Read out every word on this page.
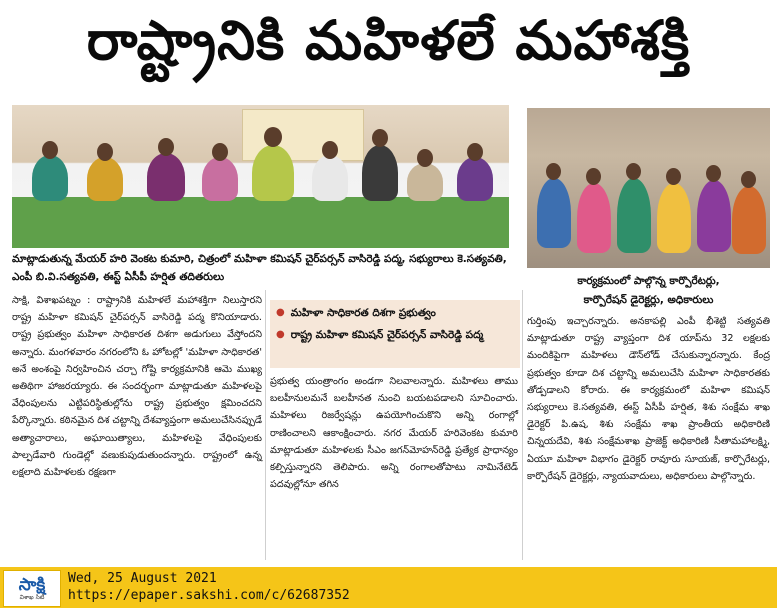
రాష్ట్రానికి మహిళలే మహాశక్తి
మాట్లాడుతున్న మేయర్ హరి వెంకట కుమారి, చిత్రంలో మహిళా కమిషన్ చైర్‌పర్సన్ వాసిరెడ్డి పద్మ, సభ్యురాలు కె.సత్యవతి, ఎంపీ బి.వి.సత్యవతి, ఈస్ట్ ఏసీపీ హర్షిత తదితరులు	కార్యక్రమంలో పాల్గొన్న కార్పొరేటర్లు,
కార్పొరేషన్ డైరెక్టర్లు, అధికారులు
● మహిళా సాధికారత దిశగా ప్రభుత్వం
● రాష్ట్ర మహిళా కమిషన్ చైర్‌పర్సన్ వాసిరెడ్డి పద్మ

సాక్షి, విశాఖపట్నం : రాష్ట్రానికి మహిళలే మహాశక్తిగా నిలుస్తారని రాష్ట్ర మహిళా కమిషన్ చైర్‌పర్సన్ వాసిరెడ్డి పద్మ కొనియాడారు. రాష్ట్ర ప్రభుత్వం మహిళా సాధికారత దిశగా అడుగులు వేస్తోందని అన్నారు. మంగళవారం నగరంలోని ఓ హోటల్లో 'మహిళా సాధికారత' అనే అంశంపై నిర్వహించిన చర్చా గోష్టి కార్యక్రమానికి ఆమె ముఖ్య అతిథిగా హాజరయ్యారు. ఈ సందర్భంగా మాట్లాడుతూ మహిళలపై వేధింపులను ఎట్టిపరిస్థితుల్లోను రాష్ట్ర ప్రభుత్వం క్షమించదని పేర్కొన్నారు. కఠినమైన దిశ చట్టాన్ని దేశవ్యాప్తంగా అమలుచేసినప్పుడే అత్యాచారాలు, అఘాయిత్యాలు, మహిళలపై వేధింపులకు పాల్పడేవారి గుండెల్లో వణుకుపుడుతుందన్నారు. రాష్ట్రంలో ఉన్న లక్షలాది మహిళలకు రక్షణగా

ప్రభుత్వ యంత్రాంగం అండగా నిలవాలన్నారు. మహిళలు తాము బలహీనులమనే బలహీనత నుంచి బయటపడాలని సూచించారు. మహిళలు రిజర్వేషన్లు ఉపయోగించుకొని అన్ని రంగాల్లో రాణించాలని ఆకాంక్షించారు. నగర మేయర్ హరివెంకట కుమారి మాట్లాడుతూ మహిళలకు సీఎం జగన్‌మోహన్‌రెడ్డి ప్రత్యేక ప్రాధాన్యం కల్పిస్తున్నారని తెలిపారు. అన్ని రంగాలతోపాటు నామినేటెడ్ పదవుల్లోనూ తగిన

గుర్తింపు ఇచ్చారన్నారు. అనకాపల్లి ఎంపీ భీశెట్టి సత్యవతి మాట్లాడుతూ రాష్ట్ర వ్యాప్తంగా దిశ యాప్‌ను 32 లక్షలకు మందికిపైగా మహిళలు డౌన్‌లోడ్ చేసుకున్నారన్నారు. కేంద్ర ప్రభుత్వం కూడా దిశ చట్టాన్ని అమలుచేసి మహిళా సాధికారతకు తోడ్పడాలని కోరారు. ఈ కార్యక్రమంలో మహిళా కమిషన్ సభ్యురాలు కె.సత్యవతి, ఈస్ట్ ఏసీపీ హర్షిత, శిశు సంక్షేమ శాఖ డైరెక్టర్ పి.ఉష, శిశు సంక్షేమ శాఖ ప్రాంతీయ అధికారిణి చిన్నయదేవి, శిశు సంక్షేమశాఖ ప్రాజెక్ట్ అధికారిణి సీతామహాలక్ష్మి, ఏయూ మహిళా విభాగం డైరెక్టర్ రావూరు సూయజ్, కార్పొరేటర్లు, కార్పొరేషన్ డైరెక్టర్లు, న్యాయవాదులు, అధికారులు పాల్గొన్నారు.

సాక్షి
విశాఖ సిటీ
Wed, 25 August 2021
https://epaper.sakshi.com/c/62687352
